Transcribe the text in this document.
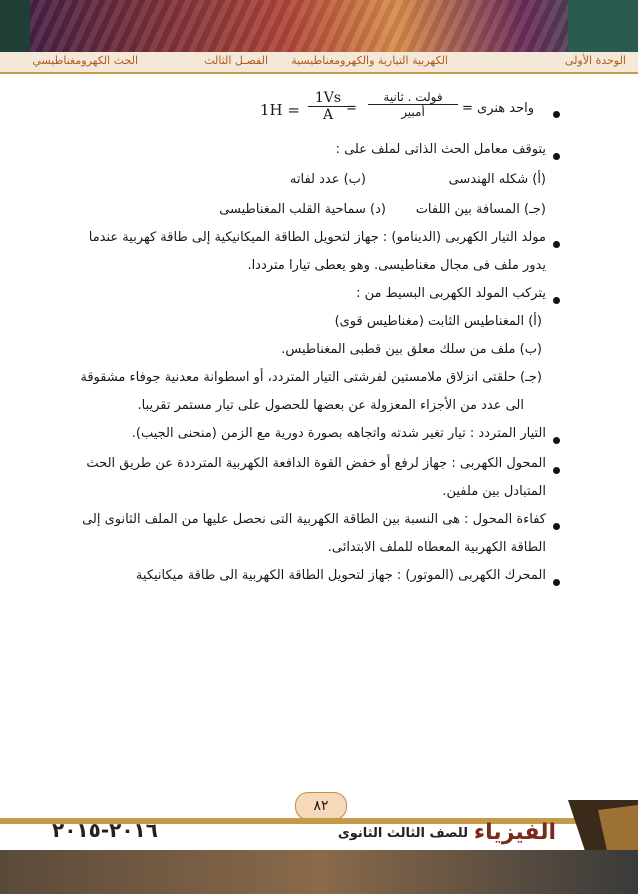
الوحدة الأولى
الكهربية التيارية والكهرومغناطيسية
الفصـل الثالث
الحث الكهرومغناطيسي
واحد هنرى =
فولت . ثانية
أمبير
=
$\frac{1Vs}{A}$
1H =
يتوقف معامل الحث الذاتى لملف على :
(أ) شكله الهندسى
(ب) عدد لفاته
(جـ) المسافة بين اللفات
(د) سماحية القلب المغناطيسى
مولد التيار الكهربى (الدينامو) : جهاز لتحويل الطاقة الميكانيكية إلى طاقة كهربية عندما
يدور ملف فى مجال مغناطيسى. وهو يعطى تيارا مترددا.
يتركب المولد الكهربى البسيط من :
(أ) المغناطيس الثابت (مغناطيس قوى)
(ب) ملف من سلك معلق بين قطبى المغناطيس.
(جـ) حلقتى انزلاق ملامستين لفرشتى التيار المتردد، أو اسطوانة معدنية جوفاء مشقوقة
الى عدد من الأجزاء المعزولة عن بعضها للحصول على تيار مستمر تقريبا.
التيار المتردد : تيار تغير شدته واتجاهه بصورة دورية مع الزمن (منحنى الجيب).
المحول الكهربى : جهاز لرفع أو خفض القوة الدافعة الكهربية المترددة عن طريق الحث
المتبادل بين ملفين.
كفاءة المحول : هى النسبة بين الطاقة الكهربية التى نحصل عليها من الملف الثانوى إلى
الطاقة الكهربية المعطاه للملف الابتدائى.
المحرك الكهربى (الموتور) : جهاز لتحويل الطاقة الكهربية الى طاقة ميكانيكية
٨٢
الفيزياء
للصف الثالث الثانوى
٢٠١٦-٢٠١٥
